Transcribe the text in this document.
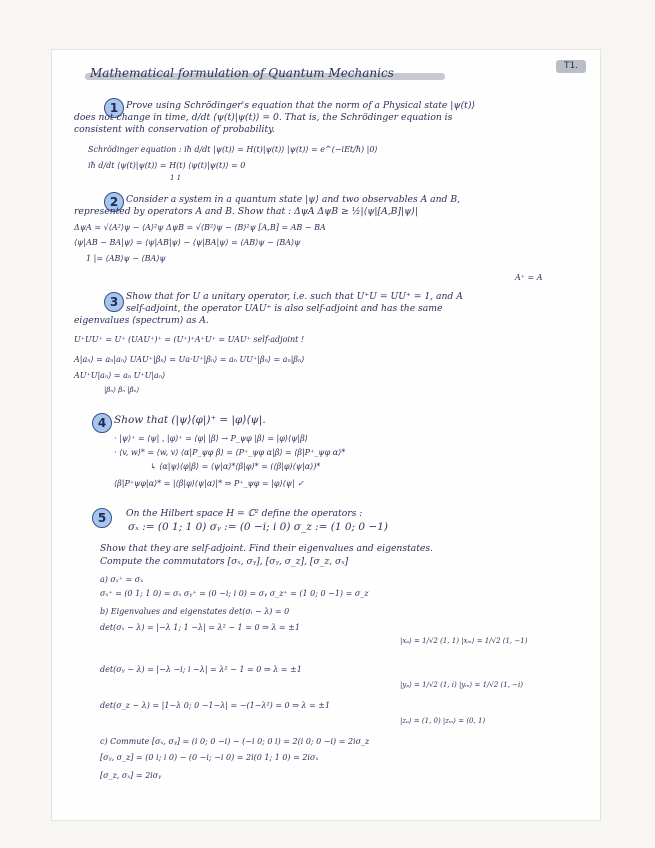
Mathematical formulation of Quantum Mechanics	T1.
1 Prove using Schrödinger's equation that the norm of a Physical state |ψ(t)⟩
does not change in time, d/dt ⟨ψ(t)|ψ(t)⟩ = 0. That is, the Schrödinger equation is
consistent with conservation of probability.
Schrödinger equation : iħ d/dt |ψ(t)⟩ = H(t)|ψ(t)⟩ |ψ(t)⟩ = e^(−iEt/ħ) |0⟩
iħ d/dt ⟨ψ(t)|ψ(t)⟩ = H(t) ⟨ψ(t)|ψ(t)⟩ = 0
1 1
2 Consider a system in a quantum state |ψ⟩ and two observables A and B,
represented by operators A and B. Show that : ΔψA ΔψB ≥ ½|⟨ψ|[A,B]|ψ⟩|
ΔψA = √⟨A²⟩ψ − ⟨A⟩²ψ ΔψB = √⟨B²⟩ψ − ⟨B⟩²ψ [A,B] = AB − BA
⟨ψ|AB − BA|ψ⟩ = ⟨ψ|AB|ψ⟩ − ⟨ψ|BA|ψ⟩ = ⟨AB⟩ψ − ⟨BA⟩ψ
1 |= ⟨AB⟩ψ − ⟨BA⟩ψ
A⁺ = A
3 Show that for U a unitary operator, i.e. such that U⁺U = UU⁺ = 1, and A
self-adjoint, the operator UAU⁺ is also self-adjoint and has the same
eigenvalues (spectrum) as A.
U⁺UU⁺ = U⁺ (UAU⁺)⁺ = (U⁺)⁺A⁺U⁺ = UAU⁺ self-adjoint !
A|aₙ⟩ = aₙ|aₙ⟩ UAU⁺|βₙ⟩ = Ua·U⁺|βₙ⟩ = aₙ UU⁺|βₙ⟩ = aₙ|βₙ⟩
AU⁺U|aₙ⟩ = aₙ U⁺U|aₙ⟩
|βₙ⟩ βₙ |βₙ⟩
4 Show that (|ψ⟩⟨φ|)⁺ = |φ⟩⟨ψ|.
· |ψ⟩⁺ = ⟨ψ| , |φ⟩⁺ = ⟨φ| |β⟩ → P_ψφ |β⟩ = |φ⟩⟨ψ|β⟩
· ⟨v, w⟩* = ⟨w, v⟩ ⟨α|P_ψφ β⟩ = ⟨P⁺_ψφ α|β⟩ = ⟨β|P⁺_ψφ α⟩*
↳ ⟨α|ψ⟩⟨φ|β⟩ = ⟨ψ|α⟩*⟨β|φ⟩* = (⟨β|φ⟩⟨ψ|α⟩)*
⟨β|P⁺ψφ|α⟩* = |⟨β|φ⟩⟨ψ|α⟩|* ⇒ P⁺_ψφ = |φ⟩⟨ψ| ✓
5	On the Hilbert space H = ℂ² define the operators :
σₓ := (0 1; 1 0) σᵧ := (0 −i; i 0) σ_z := (1 0; 0 −1)
Show that they are self-adjoint. Find their eigenvalues and eigenstates.
Compute the commutators [σₓ, σᵧ], [σᵧ, σ_z], [σ_z, σₓ]
a) σₓ⁺ = σₓ
σₓ⁺ = (0 1; 1 0) = σₓ σᵧ⁺ = (0 −i; i 0) = σᵧ σ_z⁺ = (1 0; 0 −1) = σ_z
b) Eigenvalues and eigenstates det(σᵢ − λ) = 0
det(σₓ − λ) = |−λ 1; 1 −λ| = λ² − 1 = 0 ⇒ λ = ±1
det(σᵧ − λ) = |−λ −i; i −λ| = λ² − 1 = 0 ⇒ λ = ±1
det(σ_z − λ) = |1−λ 0; 0 −1−λ| = −(1−λ²) = 0 ⇒ λ = ±1
|xₚ⟩ = 1/√2 (1, 1) |xₘ⟩ = 1/√2 (1, −1)
|yₚ⟩ = 1/√2 (1, i) |yₘ⟩ = 1/√2 (1, −i)
|zₚ⟩ = (1, 0) |zₘ⟩ = (0, 1)
c) Commute [σₓ, σᵧ] = (i 0; 0 −i) − (−i 0; 0 i) = 2(i 0; 0 −i) = 2iσ_z
[σᵧ, σ_z] = (0 i; i 0) − (0 −i; −i 0) = 2i(0 1; 1 0) = 2iσₓ
[σ_z, σₓ] = 2iσᵧ
